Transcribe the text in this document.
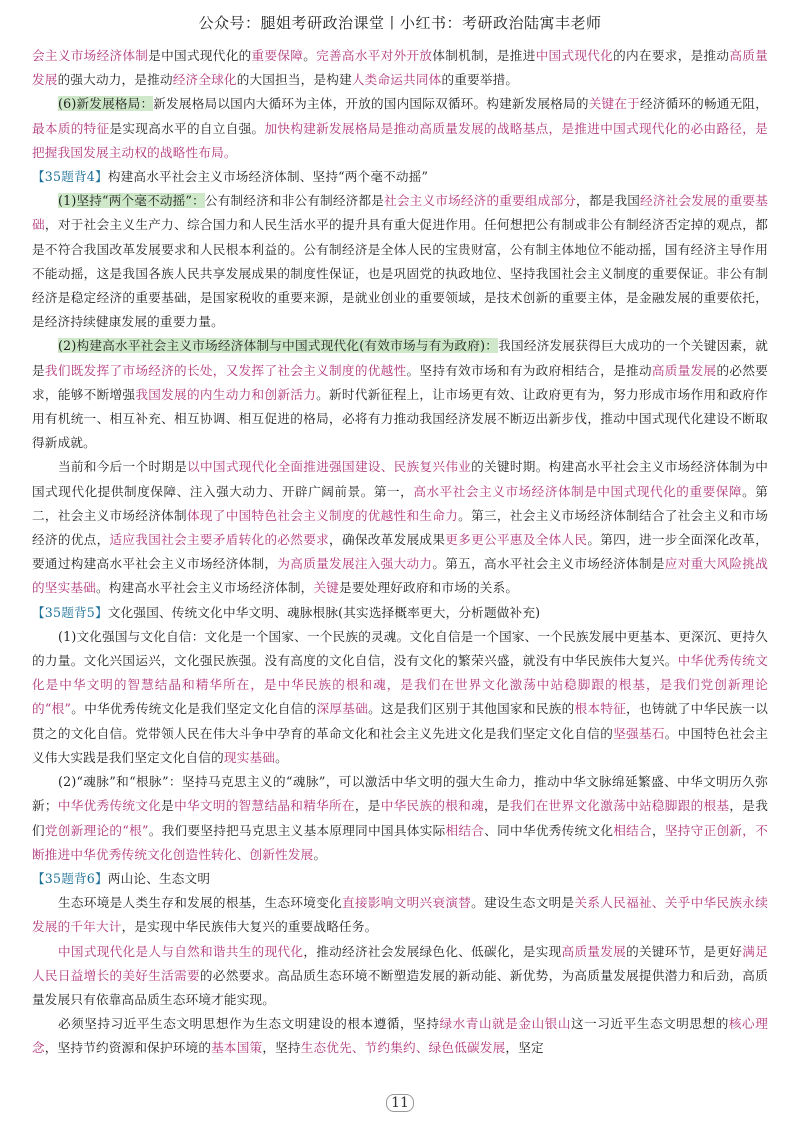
公众号：腿姐考研政治课堂丨小红书：考研政治陆寓丰老师

会主义市场经济体制是中国式现代化的重要保障。完善高水平对外开放体制机制，是推进中国式现代化的内在要求，是推动高质量发展的强大动力，是推动经济全球化的大国担当，是构建人类命运共同体的重要举措。

(6)新发展格局：新发展格局以国内大循环为主体，开放的国内国际双循环。构建新发展格局的关键在于经济循环的畅通无阻，最本质的特征是实现高水平的自立自强。加快构建新发展格局是推动高质量发展的战略基点，是推进中国式现代化的必由路径，是把握我国发展主动权的战略性布局。

【35题背4】构建高水平社会主义市场经济体制、坚持“两个毫不动摇”

(1)坚持“两个毫不动摇”：公有制经济和非公有制经济都是社会主义市场经济的重要组成部分，都是我国经济社会发展的重要基础，对于社会主义生产力、综合国力和人民生活水平的提升具有重大促进作用。任何想把公有制或非公有制经济否定掉的观点，都是不符合我国改革发展要求和人民根本利益的。公有制经济是全体人民的宝贵财富，公有制主体地位不能动摇，国有经济主导作用不能动摇，这是我国各族人民共享发展成果的制度性保证，也是巩固党的执政地位、坚持我国社会主义制度的重要保证。非公有制经济是稳定经济的重要基础，是国家税收的重要来源，是就业创业的重要领域，是技术创新的重要主体，是金融发展的重要依托，是经济持续健康发展的重要力量。

(2)构建高水平社会主义市场经济体制与中国式现代化(有效市场与有为政府)：我国经济发展获得巨大成功的一个关键因素，就是我们既发挥了市场经济的长处，又发挥了社会主义制度的优越性。坚持有效市场和有为政府相结合，是推动高质量发展的必然要求，能够不断增强我国发展的内生动力和创新活力。新时代新征程上，让市场更有效、让政府更有为，努力形成市场作用和政府作用有机统一、相互补充、相互协调、相互促进的格局，必将有力推动我国经济发展不断迈出新步伐，推动中国式现代化建设不断取得新成就。

当前和今后一个时期是以中国式现代化全面推进强国建设、民族复兴伟业的关键时期。构建高水平社会主义市场经济体制为中国式现代化提供制度保障、注入强大动力、开辟广阔前景。第一，高水平社会主义市场经济体制是中国式现代化的重要保障。第二，社会主义市场经济体制体现了中国特色社会主义制度的优越性和生命力。第三，社会主义市场经济体制结合了社会主义和市场经济的优点，适应我国社会主要矛盾转化的必然要求，确保改革发展成果更多更公平惠及全体人民。第四，进一步全面深化改革，要通过构建高水平社会主义市场经济体制，为高质量发展注入强大动力。第五，高水平社会主义市场经济体制是应对重大风险挑战的坚实基础。构建高水平社会主义市场经济体制，关键是要处理好政府和市场的关系。

【35题背5】文化强国、传统文化中华文明、魂脉根脉(其实选择概率更大，分析题做补充)

(1)文化强国与文化自信：文化是一个国家、一个民族的灵魂。文化自信是一个国家、一个民族发展中更基本、更深沉、更持久的力量。文化兴国运兴，文化强民族强。没有高度的文化自信，没有文化的繁荣兴盛，就没有中华民族伟大复兴。中华优秀传统文化是中华文明的智慧结晶和精华所在，是中华民族的根和魂，是我们在世界文化激荡中站稳脚跟的根基，是我们党创新理论的“根”。中华优秀传统文化是我们坚定文化自信的深厚基础。这是我们区别于其他国家和民族的根本特征，也铸就了中华民族一以贯之的文化自信。党带领人民在伟大斗争中孕育的革命文化和社会主义先进文化是我们坚定文化自信的坚强基石。中国特色社会主义伟大实践是我们坚定文化自信的现实基础。

(2)“魂脉”和“根脉”：坚持马克思主义的“魂脉”，可以激活中华文明的强大生命力，推动中华文脉绵延繁盛、中华文明历久弥新；中华优秀传统文化是中华文明的智慧结晶和精华所在，是中华民族的根和魂，是我们在世界文化激荡中站稳脚跟的根基，是我们党创新理论的“根”。我们要坚持把马克思主义基本原理同中国具体实际相结合、同中华优秀传统文化相结合，坚持守正创新，不断推进中华优秀传统文化创造性转化、创新性发展。

【35题背6】两山论、生态文明

生态环境是人类生存和发展的根基，生态环境变化直接影响文明兴衰演替。建设生态文明是关系人民福祉、关乎中华民族永续发展的千年大计，是实现中华民族伟大复兴的重要战略任务。

中国式现代化是人与自然和谐共生的现代化，推动经济社会发展绿色化、低碳化，是实现高质量发展的关键环节，是更好满足人民日益增长的美好生活需要的必然要求。高品质生态环境不断塑造发展的新动能、新优势，为高质量发展提供潜力和后劲，高质量发展只有依靠高品质生态环境才能实现。

必须坚持习近平生态文明思想作为生态文明建设的根本遵循，坚持绿水青山就是金山银山这一习近平生态文明思想的核心理念，坚持节约资源和保护环境的基本国策，坚持生态优先、节约集约、绿色低碳发展，坚定

11
